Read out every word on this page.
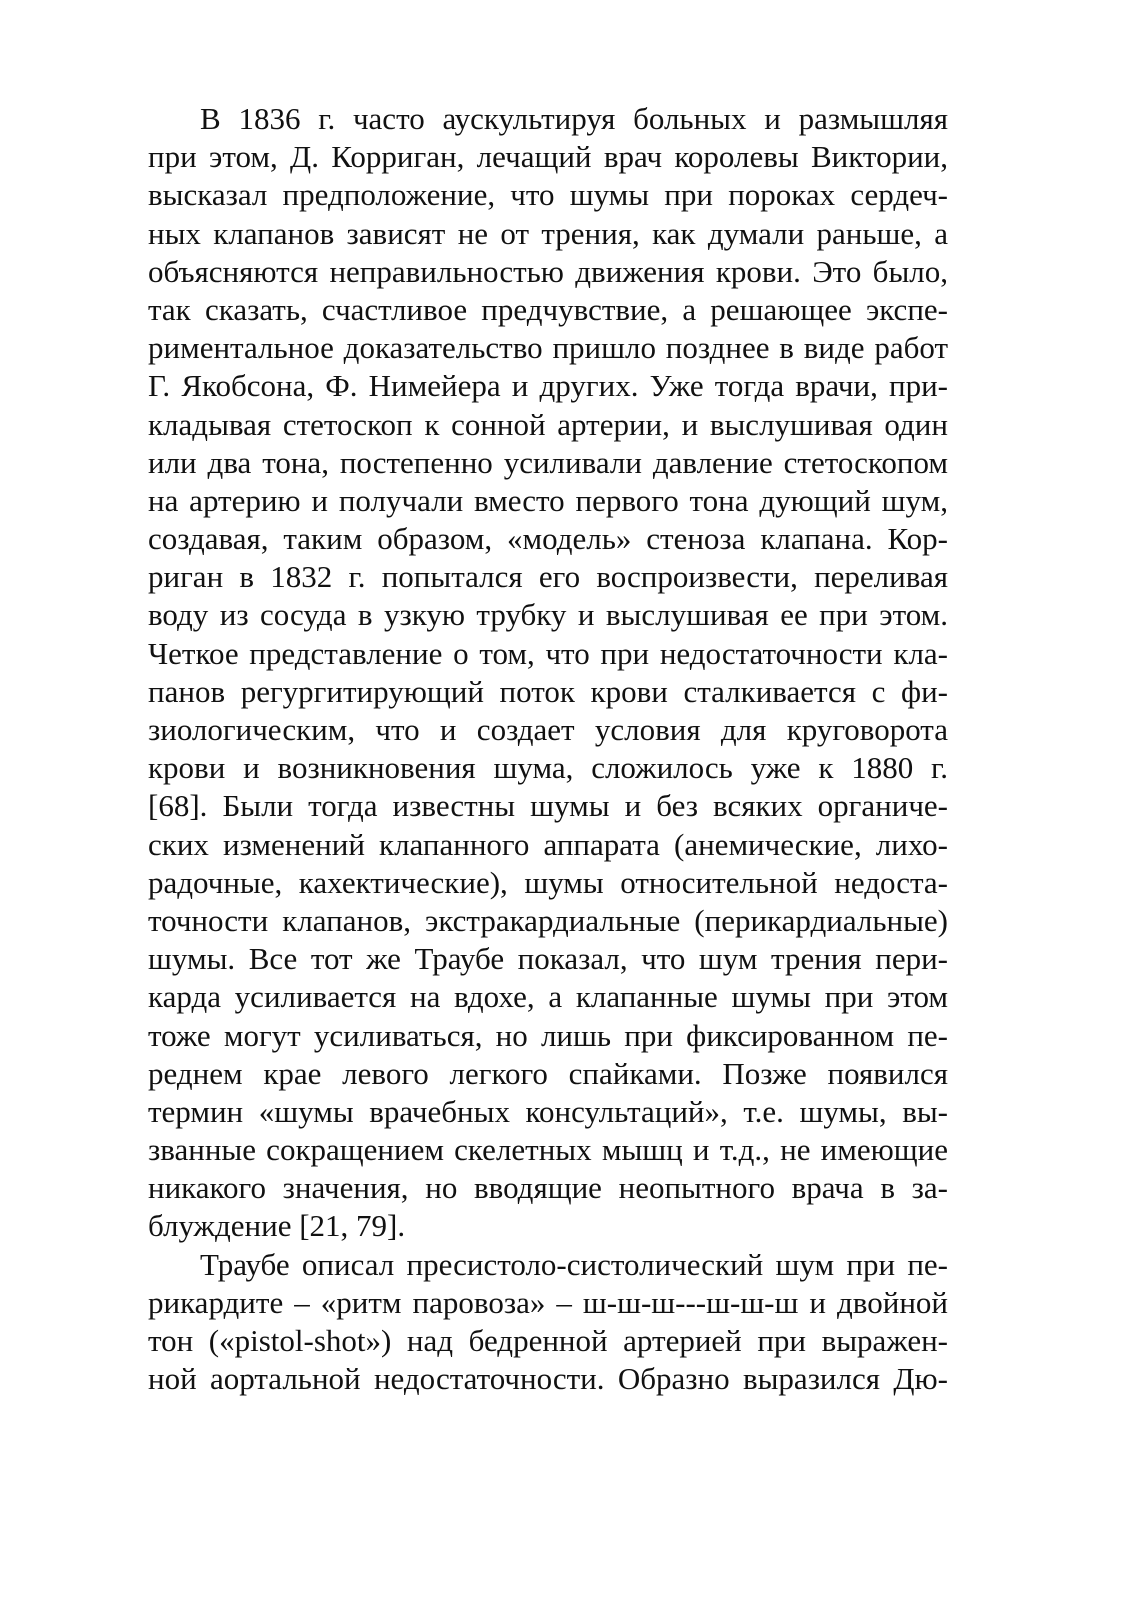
В 1836 г. часто аускультируя больных и размышляя
при этом, Д. Корриган, лечащий врач королевы Виктории,
высказал предположение, что шумы при пороках сердеч-
ных клапанов зависят не от трения, как думали раньше, а
объясняются неправильностью движения крови. Это было,
так сказать, счастливое предчувствие, а решающее экспе-
риментальное доказательство пришло позднее в виде работ
Г. Якобсона, Ф. Нимейера и других. Уже тогда врачи, при-
кладывая стетоскоп к сонной артерии, и выслушивая один
или два тона, постепенно усиливали давление стетоскопом
на артерию и получали вместо первого тона дующий шум,
создавая, таким образом, «модель» стеноза клапана. Кор-
риган в 1832 г. попытался его воспроизвести, переливая
воду из сосуда в узкую трубку и выслушивая ее при этом.
Четкое представление о том, что при недостаточности кла-
панов регургитирующий поток крови сталкивается с фи-
зиологическим, что и создает условия для круговорота
крови и возникновения шума, сложилось уже к 1880 г.
[68]. Были тогда известны шумы и без всяких органиче-
ских изменений клапанного аппарата (анемические, лихо-
радочные, кахектические), шумы относительной недоста-
точности клапанов, экстракардиальные (перикардиальные)
шумы. Все тот же Траубе показал, что шум трения пери-
карда усиливается на вдохе, а клапанные шумы при этом
тоже могут усиливаться, но лишь при фиксированном пе-
реднем крае левого легкого спайками. Позже появился
термин «шумы врачебных консультаций», т.е. шумы, вы-
званные сокращением скелетных мышц и т.д., не имеющие
никакого значения, но вводящие неопытного врача в за-
блуждение [21, 79].
Траубе описал пресистоло-систолический шум при пе-
рикардите – «ритм паровоза» – ш-ш-ш---ш-ш-ш и двойной
тон («pistol-shot») над бедренной артерией при выражен-
ной аортальной недостаточности. Образно выразился Дю-
